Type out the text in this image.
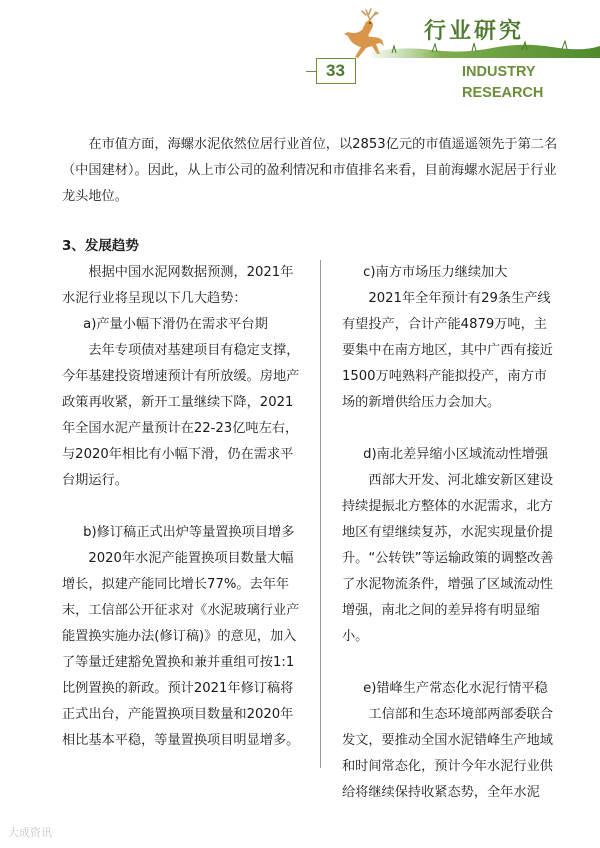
行业研究
33	INDUSTRY
RESEARCH

在市值方面，海螺水泥依然位居行业首位，以2853亿元的市值遥遥领先于第二名（中国建材）。因此，从上市公司的盈利情况和市值排名来看，目前海螺水泥居于行业龙头地位。

3、发展趋势

根据中国水泥网数据预测，2021年水泥行业将呈现以下几大趋势：

a)产量小幅下滑仍在需求平台期

去年专项债对基建项目有稳定支撑，今年基建投资增速预计有所放缓。房地产政策再收紧，新开工量继续下降，2021年全国水泥产量预计在22-23亿吨左右，与2020年相比有小幅下滑，仍在需求平台期运行。

b)修订稿正式出炉等量置换项目增多

2020年水泥产能置换项目数量大幅增长，拟建产能同比增长77%。去年年末，工信部公开征求对《水泥玻璃行业产能置换实施办法(修订稿)》的意见，加入了等量迁建豁免置换和兼并重组可按1:1比例置换的新政。预计2021年修订稿将正式出台，产能置换项目数量和2020年相比基本平稳，等量置换项目明显增多。

c)南方市场压力继续加大

2021年全年预计有29条生产线有望投产，合计产能4879万吨，主要集中在南方地区，其中广西有接近1500万吨熟料产能拟投产，南方市场的新增供给压力会加大。

d)南北差异缩小区域流动性增强

西部大开发、河北雄安新区建设持续提振北方整体的水泥需求，北方地区有望继续复苏，水泥实现量价提升。“公转铁”等运输政策的调整改善了水泥物流条件，增强了区域流动性增强，南北之间的差异将有明显缩小。

e)错峰生产常态化水泥行情平稳

工信部和生态环境部两部委联合发文，要推动全国水泥错峰生产地域和时间常态化，预计今年水泥行业供给将继续保持收紧态势，全年水泥

大成资讯
